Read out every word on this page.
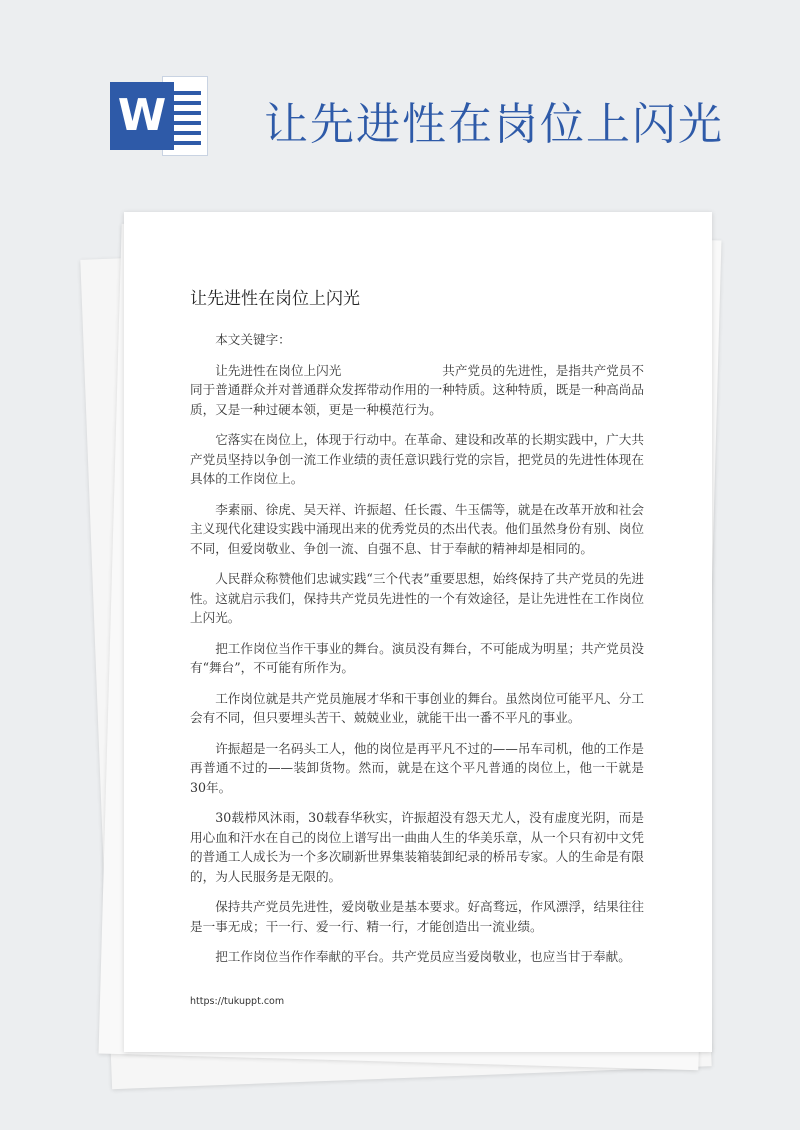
W 让先进性在岗位上闪光
让先进性在岗位上闪光

本文关键字：

让先进性在岗位上闪光　　　　　　　　共产党员的先进性，是指共产党员不同于普通群众并对普通群众发挥带动作用的一种特质。这种特质，既是一种高尚品质，又是一种过硬本领，更是一种模范行为。

它落实在岗位上，体现于行动中。在革命、建设和改革的长期实践中，广大共产党员坚持以争创一流工作业绩的责任意识践行党的宗旨，把党员的先进性体现在具体的工作岗位上。

李素丽、徐虎、吴天祥、许振超、任长霞、牛玉儒等，就是在改革开放和社会主义现代化建设实践中涌现出来的优秀党员的杰出代表。他们虽然身份有别、岗位不同，但爱岗敬业、争创一流、自强不息、甘于奉献的精神却是相同的。

人民群众称赞他们忠诚实践“三个代表”重要思想，始终保持了共产党员的先进性。这就启示我们，保持共产党员先进性的一个有效途径，是让先进性在工作岗位上闪光。

把工作岗位当作干事业的舞台。演员没有舞台，不可能成为明星；共产党员没有“舞台”，不可能有所作为。

工作岗位就是共产党员施展才华和干事创业的舞台。虽然岗位可能平凡、分工会有不同，但只要埋头苦干、兢兢业业，就能干出一番不平凡的事业。

许振超是一名码头工人，他的岗位是再平凡不过的——吊车司机，他的工作是再普通不过的——装卸货物。然而，就是在这个平凡普通的岗位上，他一干就是30年。

30载栉风沐雨，30载春华秋实，许振超没有怨天尤人，没有虚度光阴，而是用心血和汗水在自己的岗位上谱写出一曲曲人生的华美乐章，从一个只有初中文凭的普通工人成长为一个多次刷新世界集装箱装卸纪录的桥吊专家。人的生命是有限的，为人民服务是无限的。

保持共产党员先进性，爱岗敬业是基本要求。好高骛远，作风漂浮，结果往往是一事无成；干一行、爱一行、精一行，才能创造出一流业绩。

把工作岗位当作作奉献的平台。共产党员应当爱岗敬业，也应当甘于奉献。

https://tukuppt.com
